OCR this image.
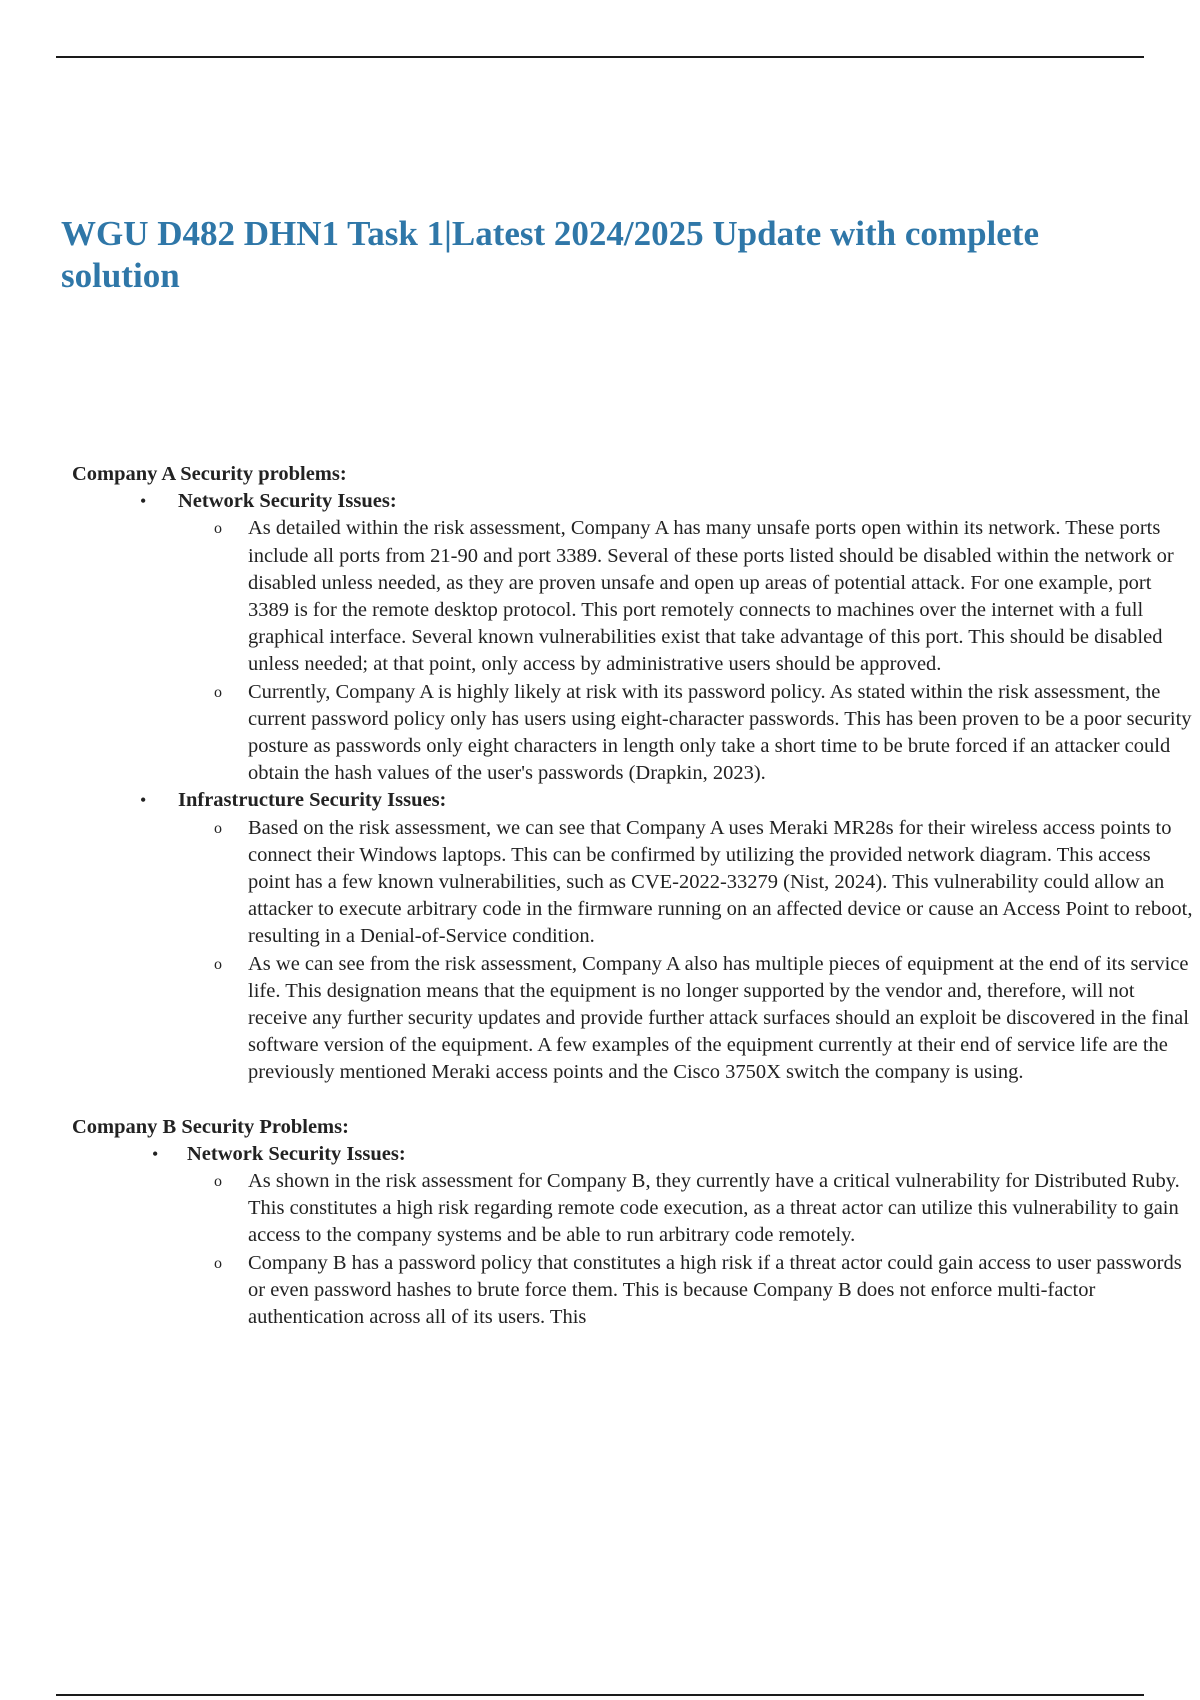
WGU D482 DHN1 Task 1|Latest 2024/2025 Update with complete solution

Company A Security problems:

• Network Security Issues:
o As detailed within the risk assessment, Company A has many unsafe ports open within its network. These ports include all ports from 21-90 and port 3389. Several of these ports listed should be disabled within the network or disabled unless needed, as they are proven unsafe and open up areas of potential attack. For one example, port 3389 is for the remote desktop protocol. This port remotely connects to machines over the internet with a full graphical interface. Several known vulnerabilities exist that take advantage of this port. This should be disabled unless needed; at that point, only access by administrative users should be approved.
o Currently, Company A is highly likely at risk with its password policy. As stated within the risk assessment, the current password policy only has users using eight-character passwords. This has been proven to be a poor security posture as passwords only eight characters in length only take a short time to be brute forced if an attacker could obtain the hash values of the user's passwords (Drapkin, 2023).
• Infrastructure Security Issues:
o Based on the risk assessment, we can see that Company A uses Meraki MR28s for their wireless access points to connect their Windows laptops. This can be confirmed by utilizing the provided network diagram. This access point has a few known vulnerabilities, such as CVE-2022-33279 (Nist, 2024). This vulnerability could allow an attacker to execute arbitrary code in the firmware running on an affected device or cause an Access Point to reboot, resulting in a Denial-of-Service condition.
o As we can see from the risk assessment, Company A also has multiple pieces of equipment at the end of its service life. This designation means that the equipment is no longer supported by the vendor and, therefore, will not receive any further security updates and provide further attack surfaces should an exploit be discovered in the final software version of the equipment. A few examples of the equipment currently at their end of service life are the previously mentioned Meraki access points and the Cisco 3750X switch the company is using.

Company B Security Problems:

• Network Security Issues:
o As shown in the risk assessment for Company B, they currently have a critical vulnerability for Distributed Ruby. This constitutes a high risk regarding remote code execution, as a threat actor can utilize this vulnerability to gain access to the company systems and be able to run arbitrary code remotely.
o Company B has a password policy that constitutes a high risk if a threat actor could gain access to user passwords or even password hashes to brute force them. This is because Company B does not enforce multi-factor authentication across all of its users. This
